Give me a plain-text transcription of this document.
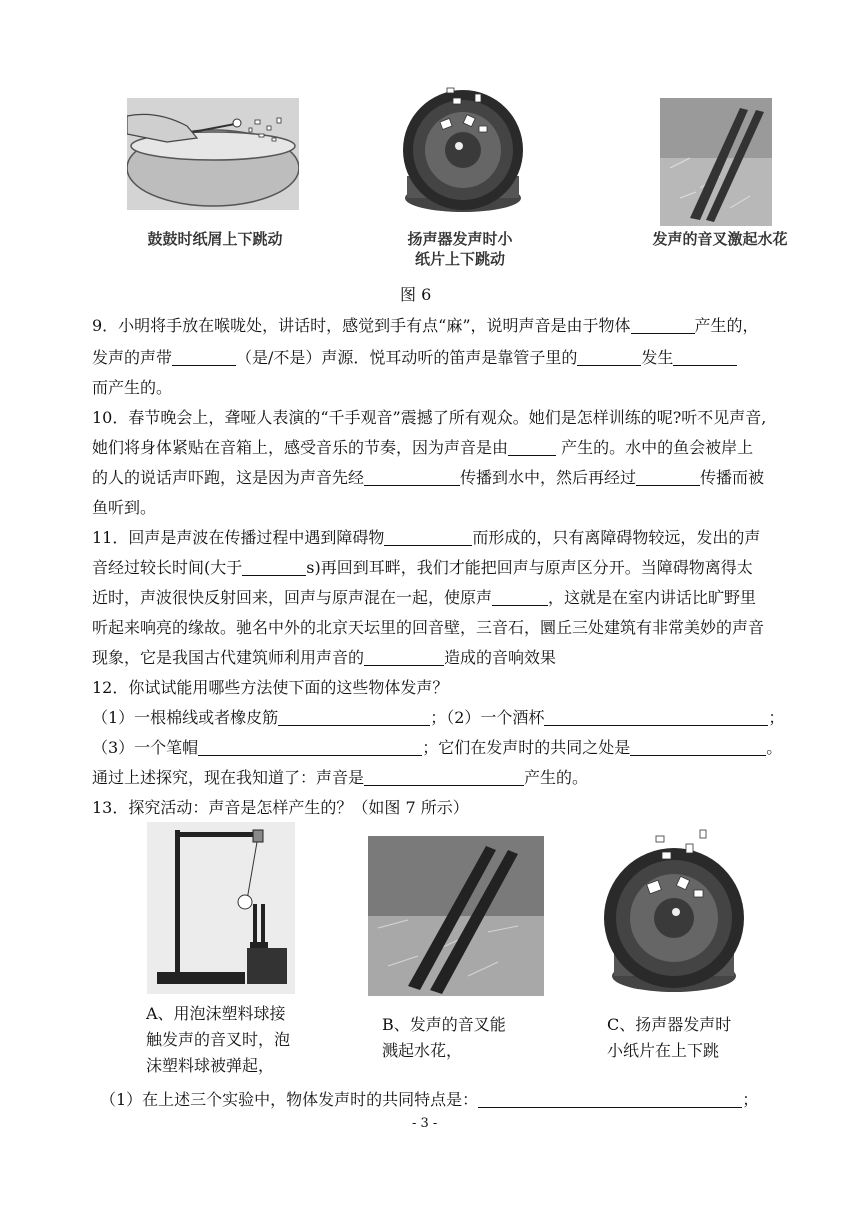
鼓鼓时纸屑上下跳动	扬声器发声时小
纸片上下跳动
发声的音叉激起水花
图 6
9．小明将手放在喉咙处，讲话时，感觉到手有点“麻”，说明声音是由于物体	产生的，
发声的声带	（是/不是）声源．悦耳动听的笛声是靠管子里的	发生
而产生的。
10．春节晚会上，聋哑人表演的“千手观音”震撼了所有观众。她们是怎样训练的呢?听不见声音,
她们将身体紧贴在音箱上，感受音乐的节奏，因为声音是由	产生的。水中的鱼会被岸上
的人的说话声吓跑，这是因为声音先经	传播到水中，然后再经过	传播而被
鱼听到。
11．回声是声波在传播过程中遇到障碍物	而形成的，只有离障碍物较远，发出的声
音经过较长时间(大于	s)再回到耳畔，我们才能把回声与原声区分开。当障碍物离得太
近时，声波很快反射回来，回声与原声混在一起，使原声	，这就是在室内讲话比旷野里
听起来响亮的缘故。驰名中外的北京天坛里的回音壁，三音石，圜丘三处建筑有非常美妙的声音
现象，它是我国古代建筑师利用声音的	造成的音响效果
12．你试试能用哪些方法使下面的这些物体发声？
（1）一根棉线或者橡皮筋	；（2）一个酒杯	；
（3）一个笔帽	；它们在发声时的共同之处是	。
通过上述探究，现在我知道了：声音是	产生的。
13．探究活动：声音是怎样产生的？（如图 7 所示）
A、用泡沫塑料球接
触发声的音叉时，泡
沫塑料球被弹起，
B、发声的音叉能
溅起水花，
C、扬声器发声时
小纸片在上下跳
（1）在上述三个实验中，物体发声时的共同特点是：	；
- 3 -
